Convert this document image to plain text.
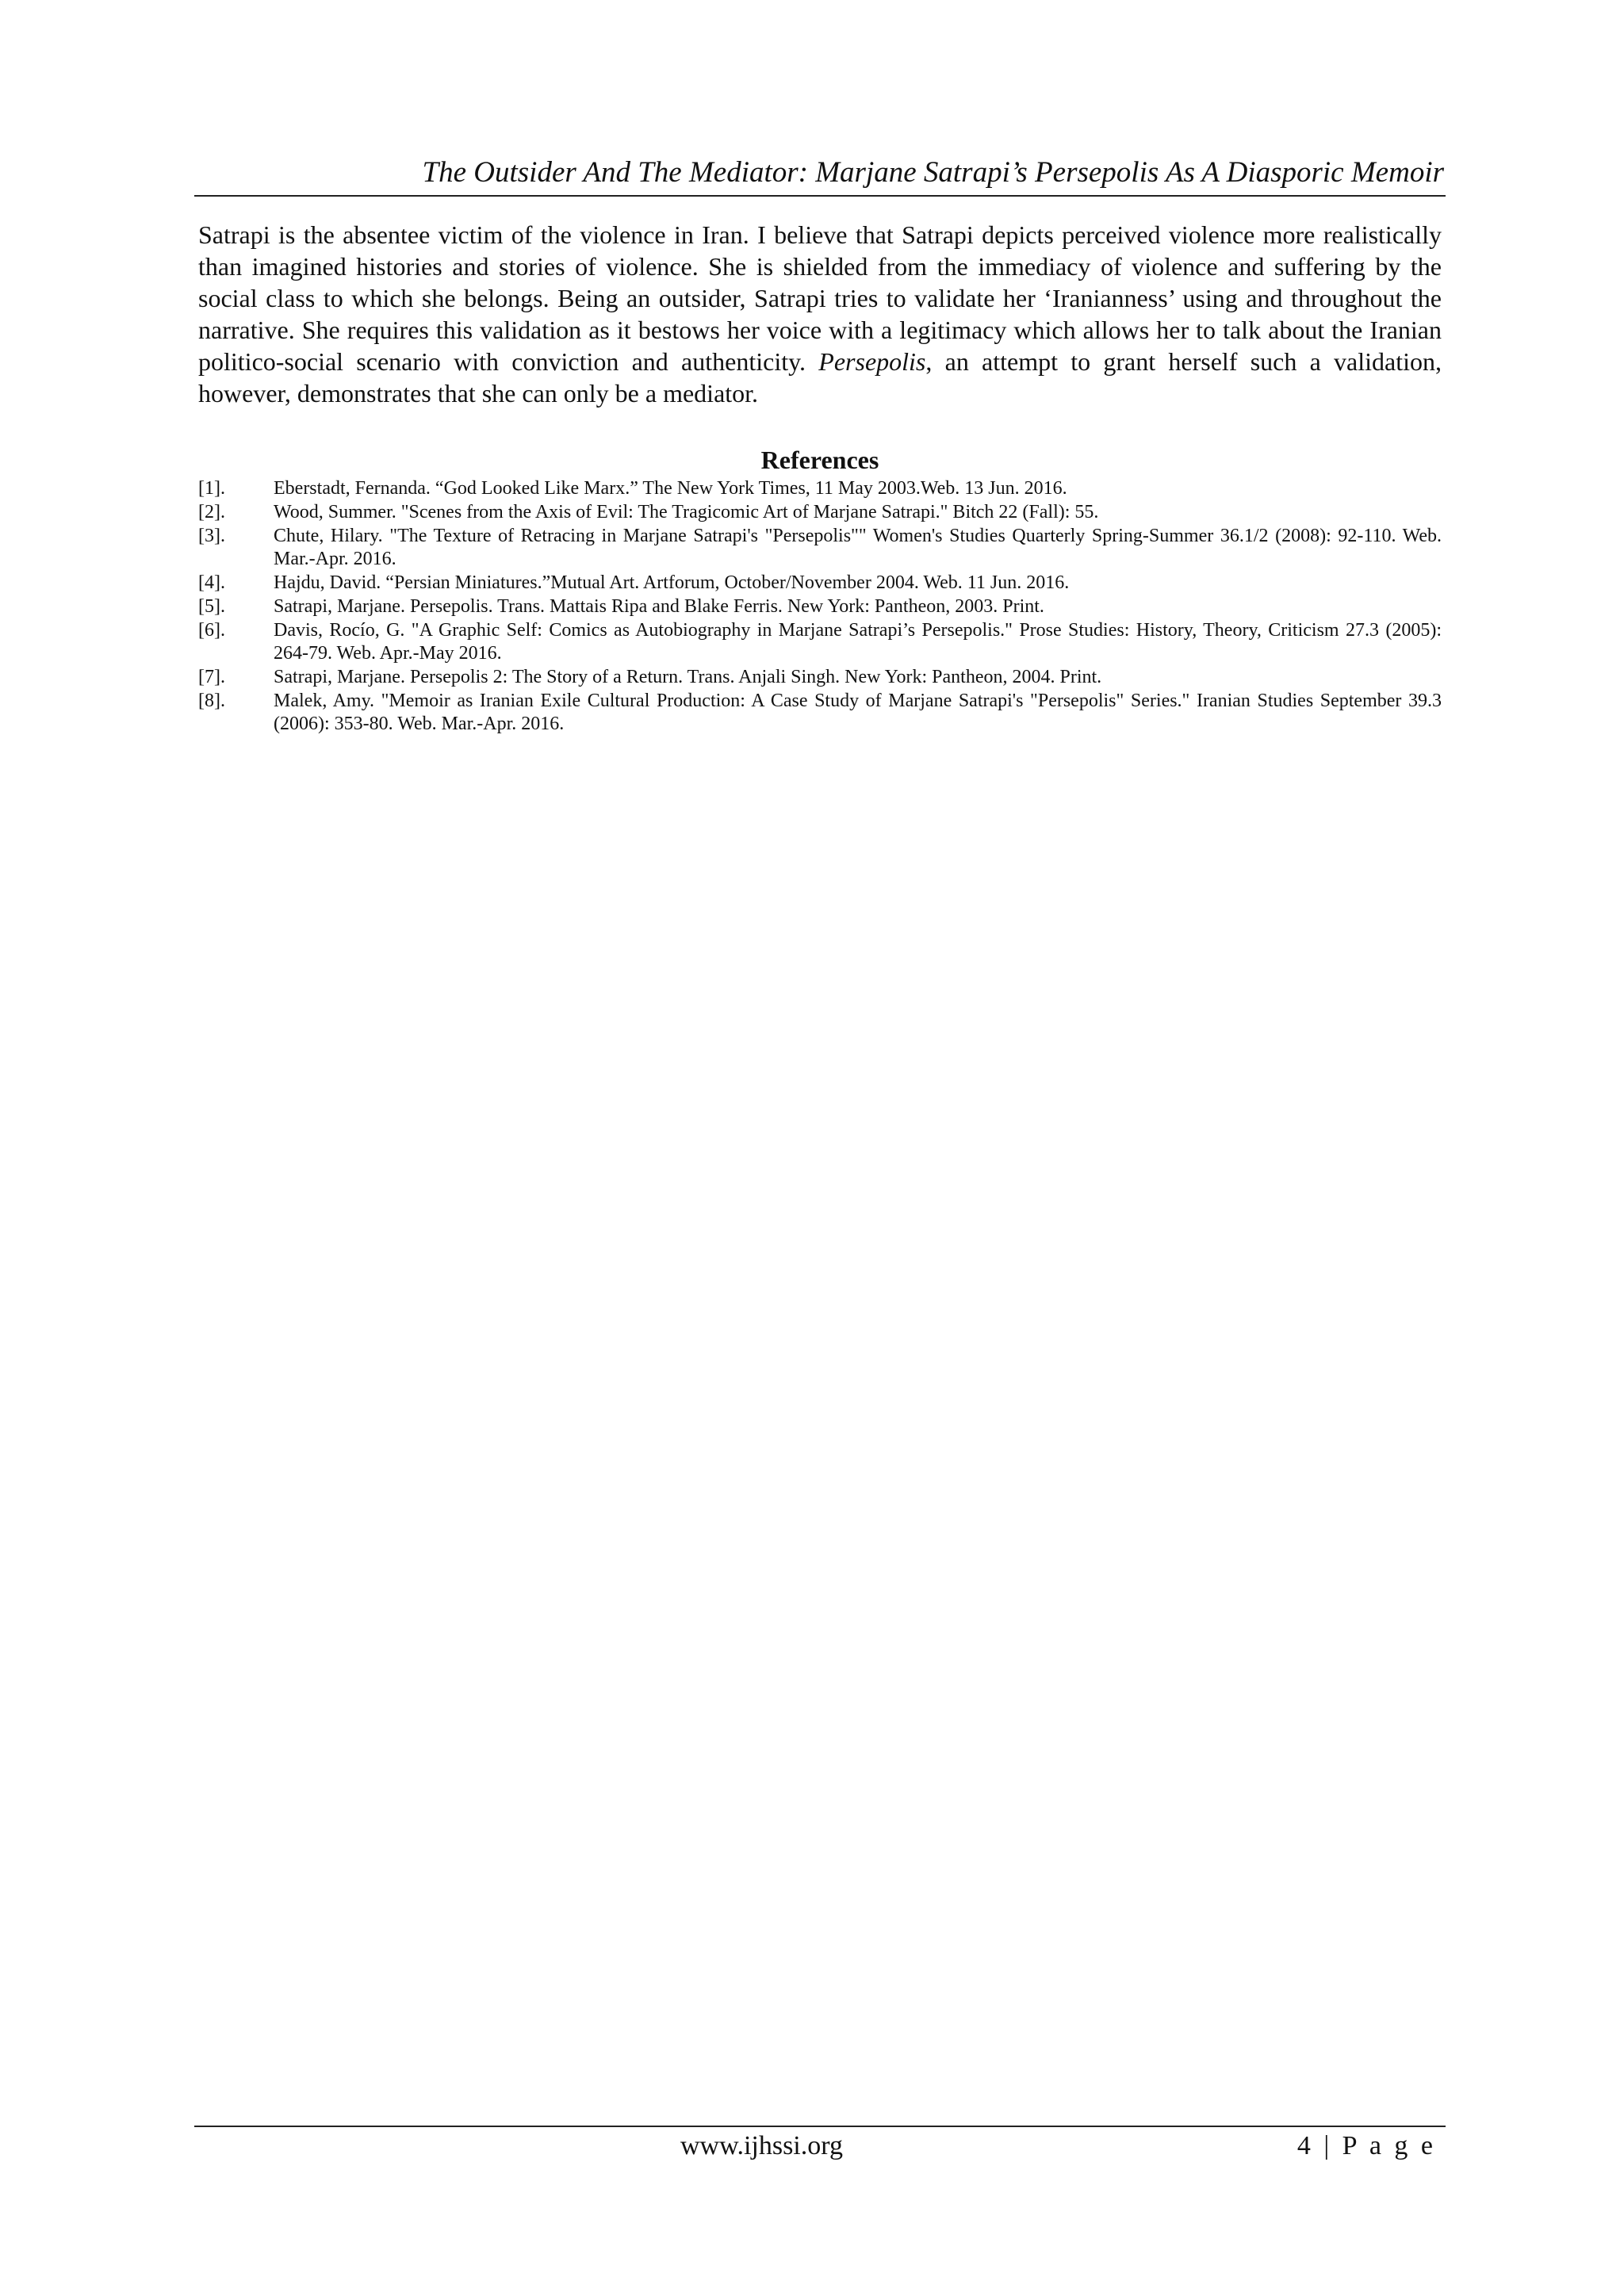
The Outsider And The Mediator: Marjane Satrapi’s Persepolis As A Diasporic Memoir

Satrapi is the absentee victim of the violence in Iran. I believe that Satrapi depicts perceived violence more realistically than imagined histories and stories of violence. She is shielded from the immediacy of violence and suffering by the social class to which she belongs. Being an outsider, Satrapi tries to validate her ‘Iranianness’ using and throughout the narrative. She requires this validation as it bestows her voice with a legitimacy which allows her to talk about the Iranian politico-social scenario with conviction and authenticity. Persepolis, an attempt to grant herself such a validation, however, demonstrates that she can only be a mediator.

References
[1].	Eberstadt, Fernanda. “God Looked Like Marx.” The New York Times, 11 May 2003.Web. 13 Jun. 2016.
[2].	Wood, Summer. "Scenes from the Axis of Evil: The Tragicomic Art of Marjane Satrapi." Bitch 22 (Fall): 55.
[3].	Chute, Hilary. "The Texture of Retracing in Marjane Satrapi's "Persepolis"" Women's Studies Quarterly Spring-Summer 36.1/2 (2008): 92-110. Web. Mar.-Apr. 2016.
[4].	Hajdu, David. “Persian Miniatures.”Mutual Art. Artforum, October/November 2004. Web. 11 Jun. 2016.
[5].	Satrapi, Marjane. Persepolis. Trans. Mattais Ripa and Blake Ferris. New York: Pantheon, 2003. Print.
[6].	Davis, Rocío, G. "A Graphic Self: Comics as Autobiography in Marjane Satrapi’s Persepolis." Prose Studies: History, Theory, Criticism 27.3 (2005): 264-79. Web. Apr.-May 2016.
[7].	Satrapi, Marjane. Persepolis 2: The Story of a Return. Trans. Anjali Singh. New York: Pantheon, 2004. Print.
[8].	Malek, Amy. "Memoir as Iranian Exile Cultural Production: A Case Study of Marjane Satrapi's "Persepolis" Series." Iranian Studies September 39.3 (2006): 353-80. Web. Mar.-Apr. 2016.
www.ijhssi.org	4 | P a g e
